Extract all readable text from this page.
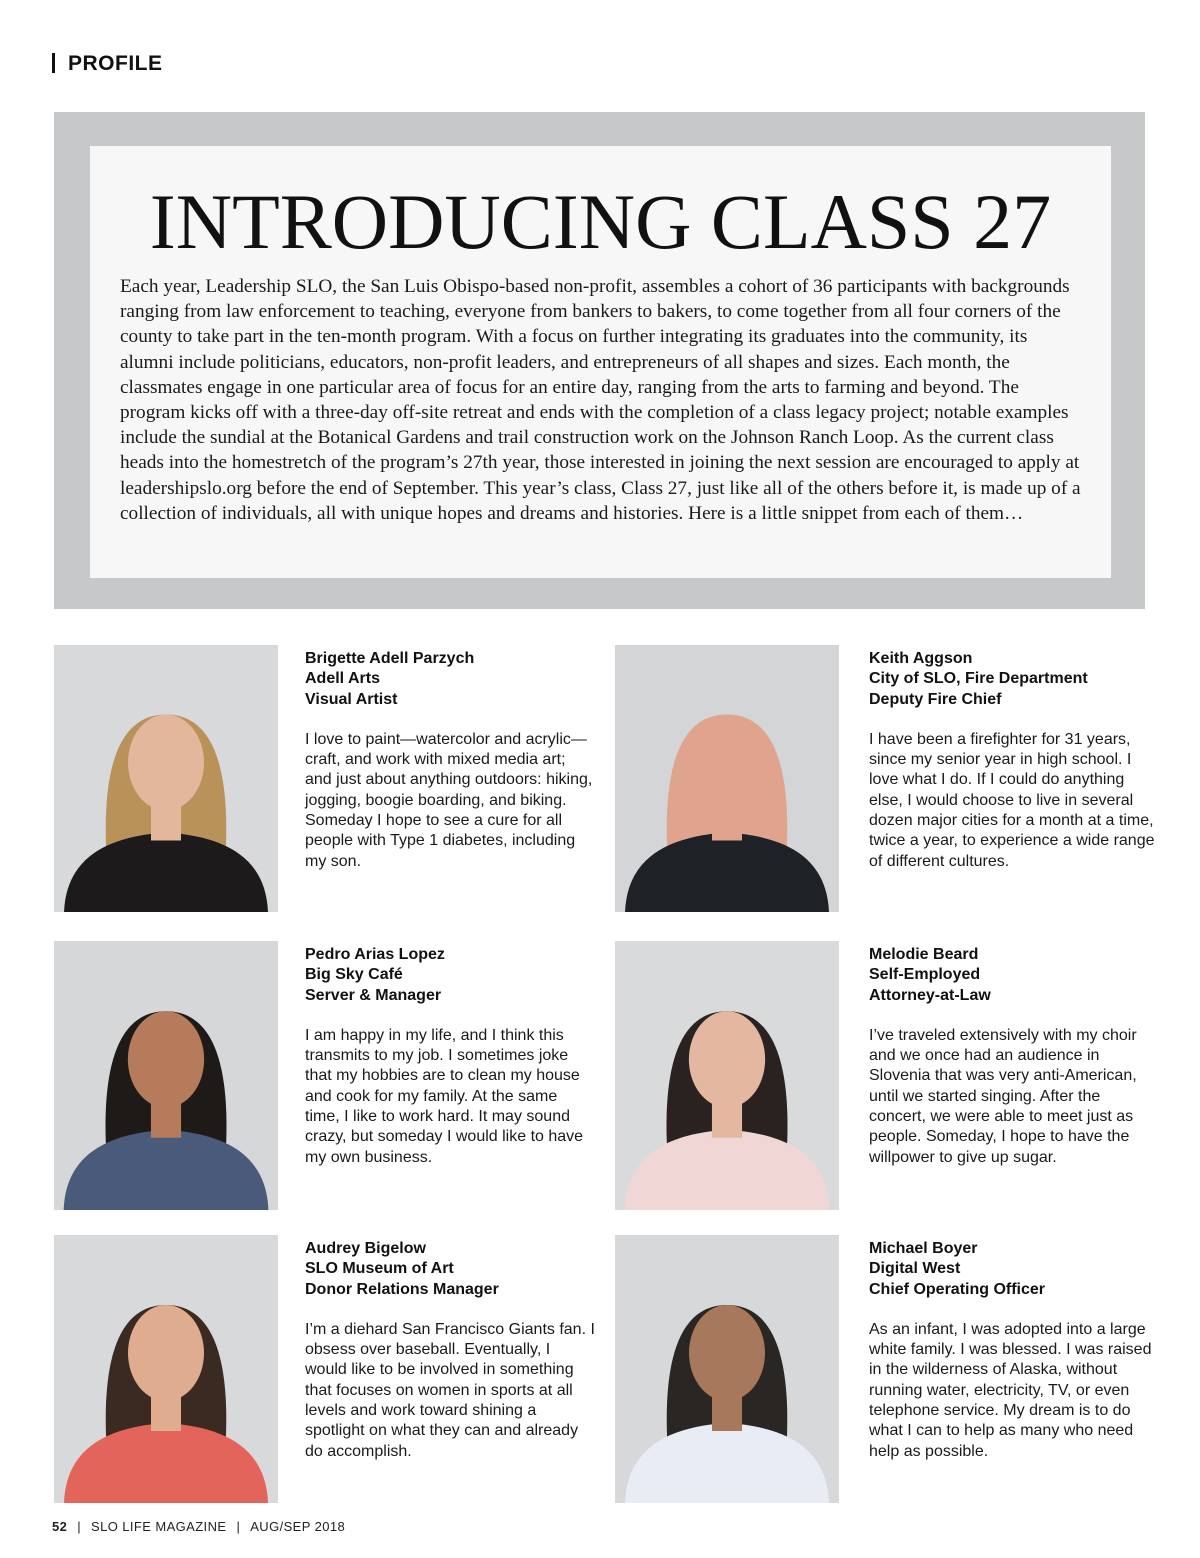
PROFILE
INTRODUCING CLASS 27

Each year, Leadership SLO, the San Luis Obispo-based non-profit, assembles a cohort of 36 participants with backgrounds ranging from law enforcement to teaching, everyone from bankers to bakers, to come together from all four corners of the county to take part in the ten-month program. With a focus on further integrating its graduates into the community, its alumni include politicians, educators, non-profit leaders, and entrepreneurs of all shapes and sizes. Each month, the classmates engage in one particular area of focus for an entire day, ranging from the arts to farming and beyond. The program kicks off with a three-day off-site retreat and ends with the completion of a class legacy project; notable examples include the sundial at the Botanical Gardens and trail construction work on the Johnson Ranch Loop. As the current class heads into the homestretch of the program’s 27th year, those interested in joining the next session are encouraged to apply at leadershipslo.org before the end of September. This year’s class, Class 27, just like all of the others before it, is made up of a collection of individuals, all with unique hopes and dreams and histories. Here is a little snippet from each of them…

Brigette Adell Parzych
Adell Arts
Visual Artist
I love to paint—watercolor and acrylic—craft, and work with mixed media art; and just about anything outdoors: hiking, jogging, boogie boarding, and biking. Someday I hope to see a cure for all people with Type 1 diabetes, including my son.
Keith Aggson
City of SLO, Fire Department
Deputy Fire Chief
I have been a firefighter for 31 years, since my senior year in high school. I love what I do. If I could do anything else, I would choose to live in several dozen major cities for a month at a time, twice a year, to experience a wide range of different cultures.
Pedro Arias Lopez
Big Sky Café
Server & Manager
I am happy in my life, and I think this transmits to my job. I sometimes joke that my hobbies are to clean my house and cook for my family. At the same time, I like to work hard. It may sound crazy, but someday I would like to have my own business.
Melodie Beard
Self-Employed
Attorney-at-Law
I’ve traveled extensively with my choir and we once had an audience in Slovenia that was very anti-American, until we started singing. After the concert, we were able to meet just as people. Someday, I hope to have the willpower to give up sugar.
Audrey Bigelow
SLO Museum of Art
Donor Relations Manager
I’m a diehard San Francisco Giants fan. I obsess over baseball. Eventually, I would like to be involved in something that focuses on women in sports at all levels and work toward shining a spotlight on what they can and already do accomplish.
Michael Boyer
Digital West
Chief Operating Officer
As an infant, I was adopted into a large white family. I was blessed. I was raised in the wilderness of Alaska, without running water, electricity, TV, or even telephone service. My dream is to do what I can to help as many who need help as possible.
52 | SLO LIFE MAGAZINE | AUG/SEP 2018
